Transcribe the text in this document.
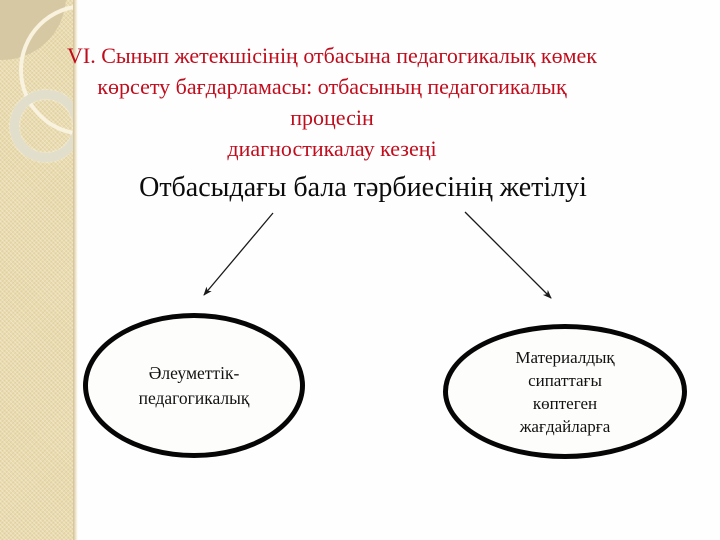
VI. Сынып жетекшісінің отбасына педагогикалық көмек
көрсету бағдарламасы: отбасының педагогикалық процесін
диагностикалау кезеңі
Отбасыдағы бала тәрбиесінің жетілуі
Әлеуметтік-
педагогикалық
Материалдық
сипаттағы
көптеген
жағдайларға
